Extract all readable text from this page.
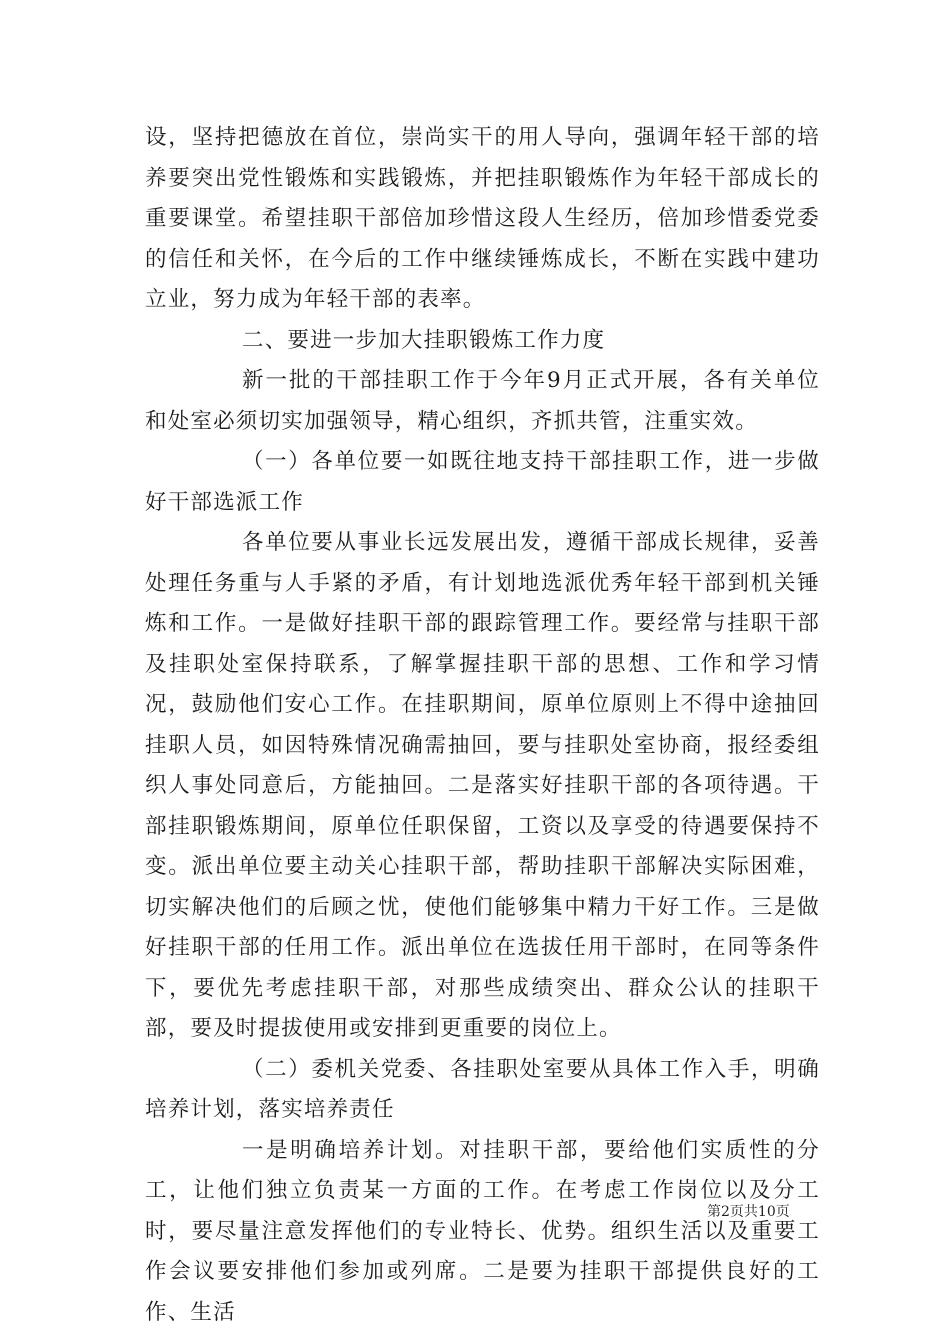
设，坚持把德放在首位，崇尚实干的用人导向，强调年轻干部的培养要突出党性锻炼和实践锻炼，并把挂职锻炼作为年轻干部成长的重要课堂。希望挂职干部倍加珍惜这段人生经历，倍加珍惜委党委的信任和关怀，在今后的工作中继续锤炼成长，不断在实践中建功立业，努力成为年轻干部的表率。

二、要进一步加大挂职锻炼工作力度

新一批的干部挂职工作于今年9月正式开展，各有关单位和处室必须切实加强领导，精心组织，齐抓共管，注重实效。

（一）各单位要一如既往地支持干部挂职工作，进一步做好干部选派工作

各单位要从事业长远发展出发，遵循干部成长规律，妥善处理任务重与人手紧的矛盾，有计划地选派优秀年轻干部到机关锤炼和工作。一是做好挂职干部的跟踪管理工作。要经常与挂职干部及挂职处室保持联系，了解掌握挂职干部的思想、工作和学习情况，鼓励他们安心工作。在挂职期间，原单位原则上不得中途抽回挂职人员，如因特殊情况确需抽回，要与挂职处室协商，报经委组织人事处同意后，方能抽回。二是落实好挂职干部的各项待遇。干部挂职锻炼期间，原单位任职保留，工资以及享受的待遇要保持不变。派出单位要主动关心挂职干部，帮助挂职干部解决实际困难，切实解决他们的后顾之忧，使他们能够集中精力干好工作。三是做好挂职干部的任用工作。派出单位在选拔任用干部时，在同等条件下，要优先考虑挂职干部，对那些成绩突出、群众公认的挂职干部，要及时提拔使用或安排到更重要的岗位上。

（二）委机关党委、各挂职处室要从具体工作入手，明确培养计划，落实培养责任

一是明确培养计划。对挂职干部，要给他们实质性的分工，让他们独立负责某一方面的工作。在考虑工作岗位以及分工时，要尽量注意发挥他们的专业特长、优势。组织生活以及重要工作会议要安排他们参加或列席。二是要为挂职干部提供良好的工作、生活

第2页共10页
